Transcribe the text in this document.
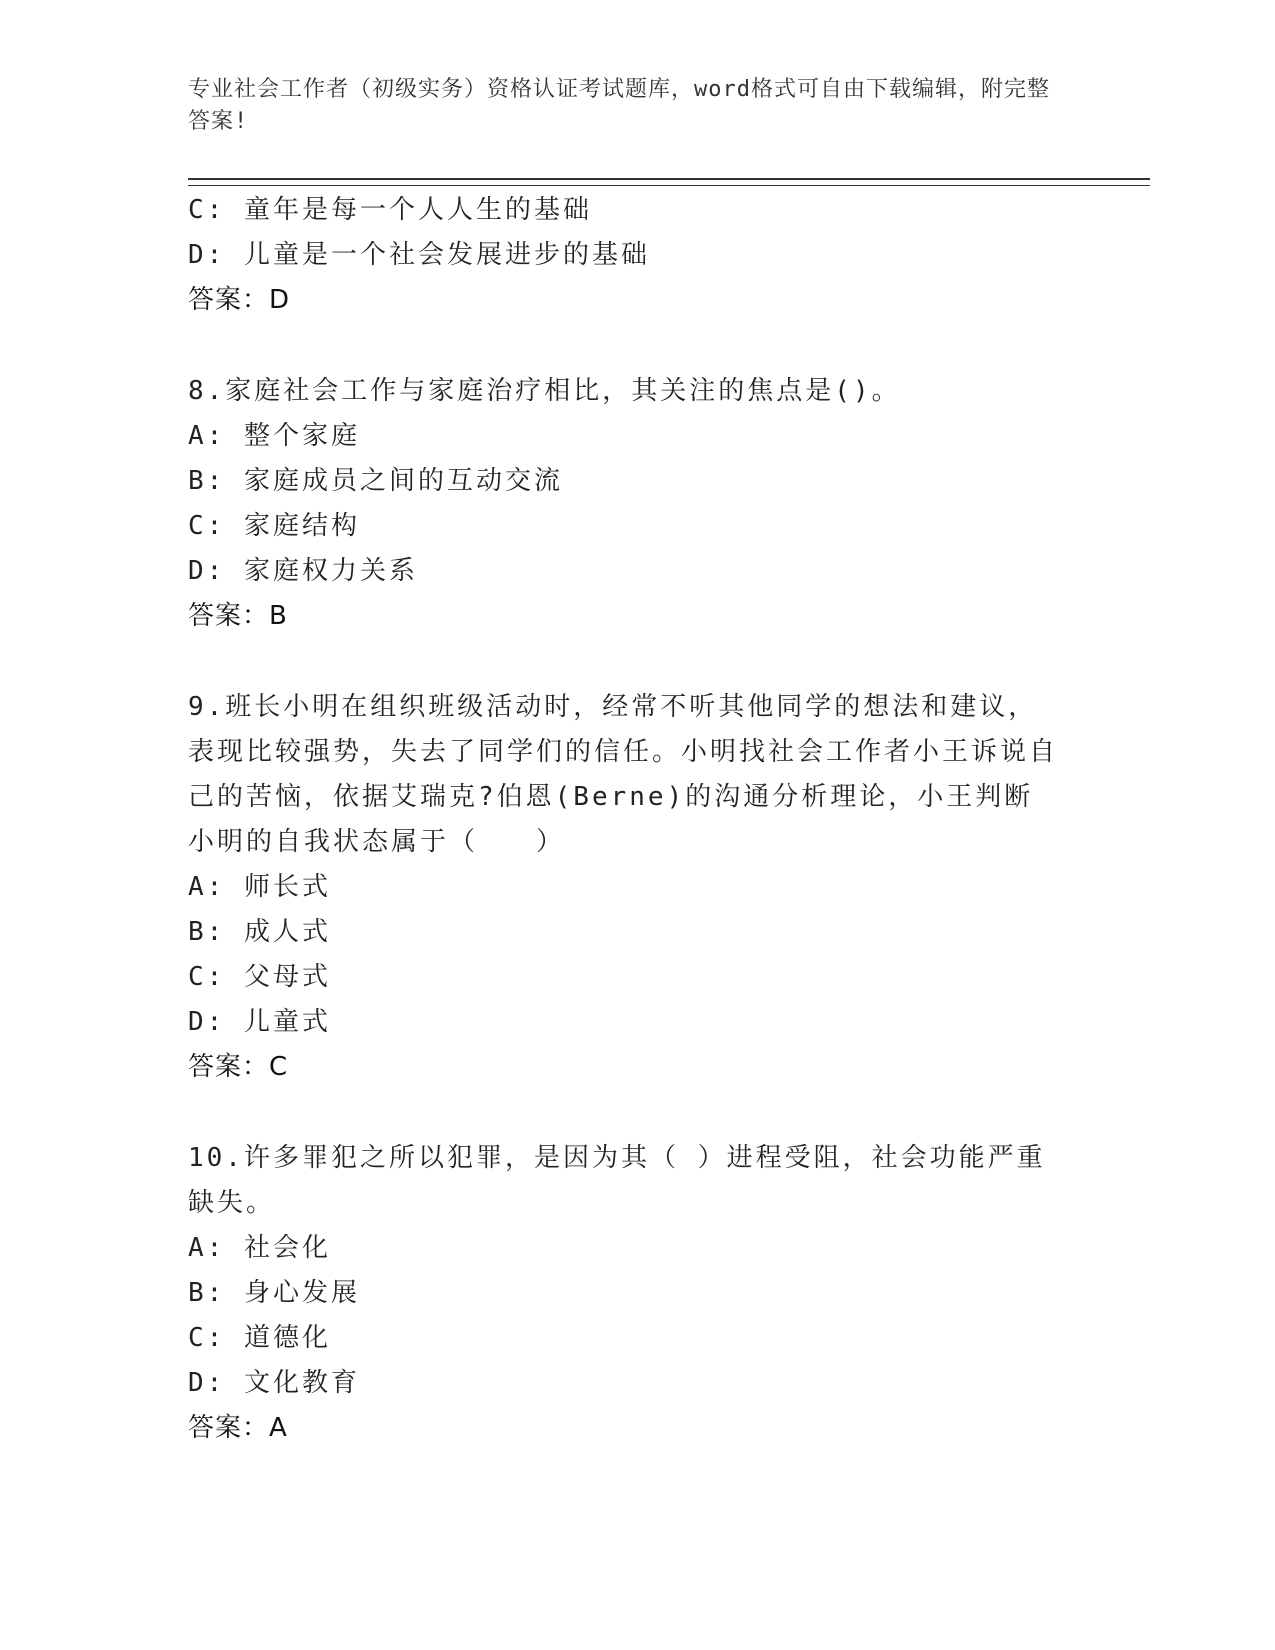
专业社会工作者（初级实务）资格认证考试题库，word格式可自由下载编辑，附完整答案!
C: 童年是每一个人人生的基础
D: 儿童是一个社会发展进步的基础
答案：D
8.家庭社会工作与家庭治疗相比，其关注的焦点是()。
A: 整个家庭
B: 家庭成员之间的互动交流
C: 家庭结构
D: 家庭权力关系
答案：B
9.班长小明在组织班级活动时，经常不听其他同学的想法和建议，表现比较强势，失去了同学们的信任。小明找社会工作者小王诉说自己的苦恼，依据艾瑞克?伯恩(Berne)的沟通分析理论，小王判断小明的自我状态属于（　　）
A: 师长式
B: 成人式
C: 父母式
D: 儿童式
答案：C
10.许多罪犯之所以犯罪，是因为其（ ）进程受阻，社会功能严重缺失。
A: 社会化
B: 身心发展
C: 道德化
D: 文化教育
答案：A
